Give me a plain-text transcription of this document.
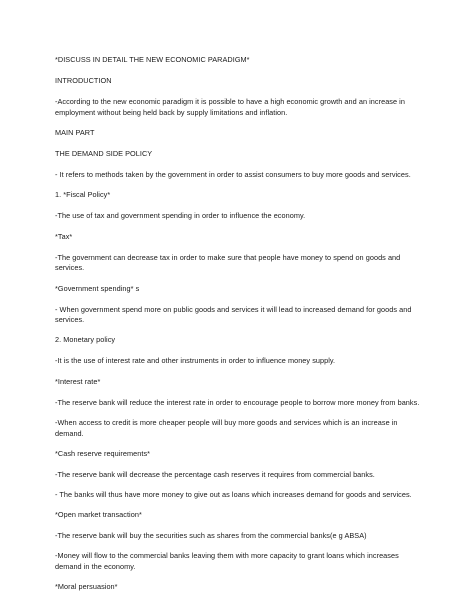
*DISCUSS IN DETAIL THE NEW ECONOMIC PARADIGM*

INTRODUCTION

-According to the new economic paradigm it is possible to have a high economic growth and an increase in employment without being held back by supply limitations and inflation.

MAIN PART

THE DEMAND SIDE POLICY

- It refers to methods taken by the government in order to assist consumers to buy more goods and services.

1. *Fiscal Policy*

-The use of tax and government spending in order to influence the economy.

*Tax*

-The government can decrease tax in order to make sure that people have money to spend on goods and services.

*Government spending* s

- When government spend more on public goods and services it will lead to increased demand for goods and services.

2. Monetary policy

-It is the use of interest rate and other instruments in order to influence money supply.

*Interest rate*

-The reserve bank will reduce the interest rate in order to encourage people to borrow more money from banks.

-When access to credit is more cheaper people will buy more goods and services which is an increase in demand.

*Cash reserve requirements*

-The reserve bank will decrease the percentage cash reserves it requires from commercial banks.

- The banks will thus have more money to give out as loans which increases demand for goods and services.

*Open market transaction*

-The reserve bank will buy the securities such as shares from the commercial banks(e g ABSA)

-Money will flow to the commercial banks leaving them with more capacity to grant loans which increases demand in the economy.

*Moral persuasion*
